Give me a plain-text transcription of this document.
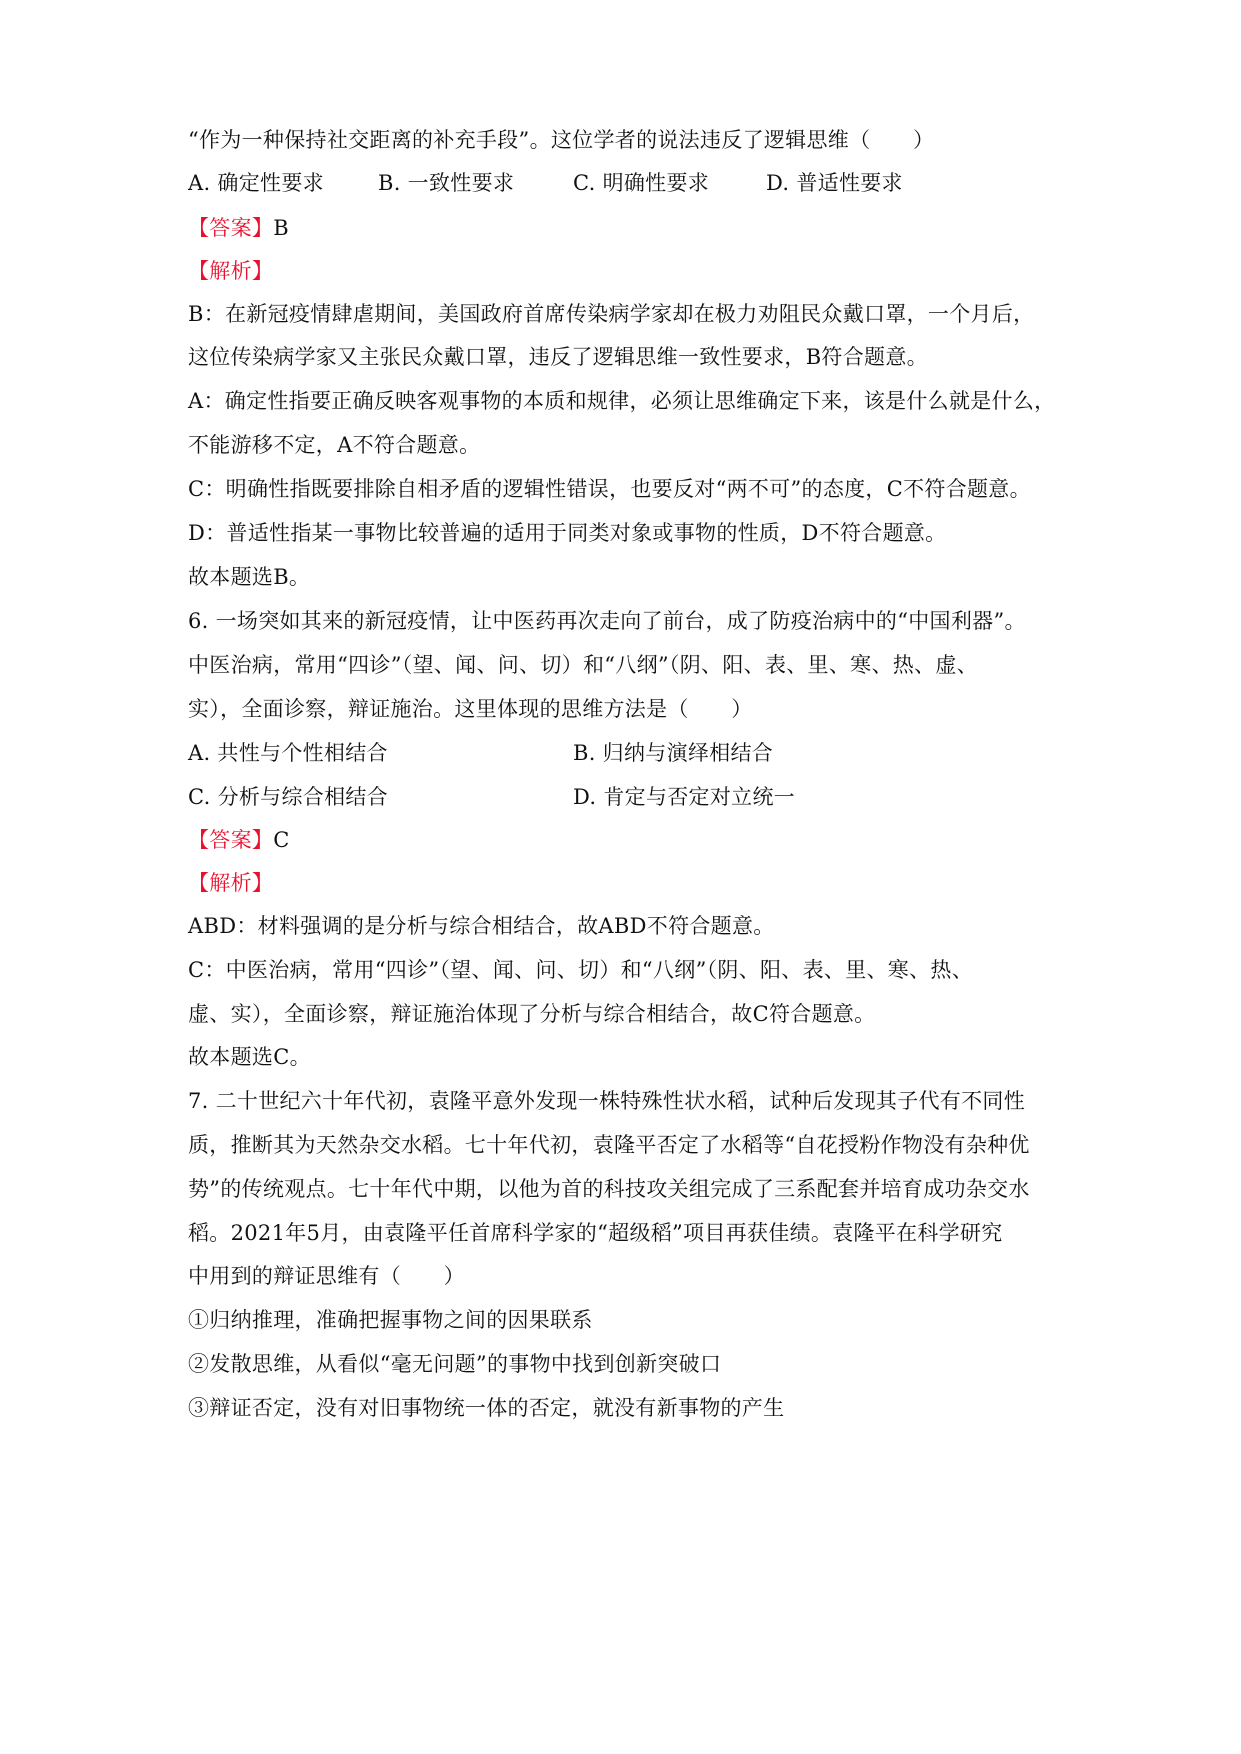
“作为一种保持社交距离的补充手段”。这位学者的说法违反了逻辑思维（　　）
A. 确定性要求	B. 一致性要求	C. 明确性要求	D. 普适性要求
【答案】B
【解析】
B：在新冠疫情肆虐期间，美国政府首席传染病学家却在极力劝阻民众戴口罩，一个月后，
这位传染病学家又主张民众戴口罩，违反了逻辑思维一致性要求，B符合题意。
A：确定性指要正确反映客观事物的本质和规律，必须让思维确定下来，该是什么就是什么，
不能游移不定，A不符合题意。
C：明确性指既要排除自相矛盾的逻辑性错误，也要反对“两不可”的态度，C不符合题意。
D：普适性指某一事物比较普遍的适用于同类对象或事物的性质，D不符合题意。
故本题选B。
6. 一场突如其来的新冠疫情，让中医药再次走向了前台，成了防疫治病中的“中国利器”。
中医治病，常用“四诊”（望、闻、问、切）和“八纲”（阴、阳、表、里、寒、热、虚、
实），全面诊察，辩证施治。这里体现的思维方法是（　　）
A. 共性与个性相结合	B. 归纳与演绎相结合
C. 分析与综合相结合	D. 肯定与否定对立统一
【答案】C
【解析】
ABD：材料强调的是分析与综合相结合，故ABD不符合题意。
C：中医治病，常用“四诊”（望、闻、问、切）和“八纲”（阴、阳、表、里、寒、热、
虚、实），全面诊察，辩证施治体现了分析与综合相结合，故C符合题意。
故本题选C。
7. 二十世纪六十年代初，袁隆平意外发现一株特殊性状水稻，试种后发现其子代有不同性
质，推断其为天然杂交水稻。七十年代初，袁隆平否定了水稻等“自花授粉作物没有杂种优
势”的传统观点。七十年代中期，以他为首的科技攻关组完成了三系配套并培育成功杂交水
稻。2021年5月，由袁隆平任首席科学家的“超级稻”项目再获佳绩。袁隆平在科学研究
中用到的辩证思维有（　　）
①归纳推理，准确把握事物之间的因果联系
②发散思维，从看似“毫无问题”的事物中找到创新突破口
③辩证否定，没有对旧事物统一体的否定，就没有新事物的产生
